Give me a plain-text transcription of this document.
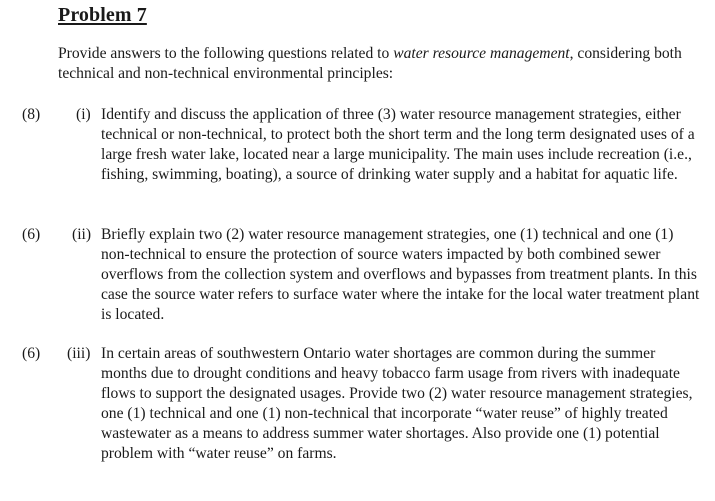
Problem 7
Provide answers to the following questions related to water resource management, considering both technical and non-technical environmental principles:
(8) (i) Identify and discuss the application of three (3) water resource management strategies, either technical or non-technical, to protect both the short term and the long term designated uses of a large fresh water lake, located near a large municipality. The main uses include recreation (i.e., fishing, swimming, boating), a source of drinking water supply and a habitat for aquatic life.
(6) (ii) Briefly explain two (2) water resource management strategies, one (1) technical and one (1) non-technical to ensure the protection of source waters impacted by both combined sewer overflows from the collection system and overflows and bypasses from treatment plants. In this case the source water refers to surface water where the intake for the local water treatment plant is located.
(6) (iii) In certain areas of southwestern Ontario water shortages are common during the summer months due to drought conditions and heavy tobacco farm usage from rivers with inadequate flows to support the designated usages. Provide two (2) water resource management strategies, one (1) technical and one (1) non-technical that incorporate “water reuse” of highly treated wastewater as a means to address summer water shortages. Also provide one (1) potential problem with “water reuse” on farms.
